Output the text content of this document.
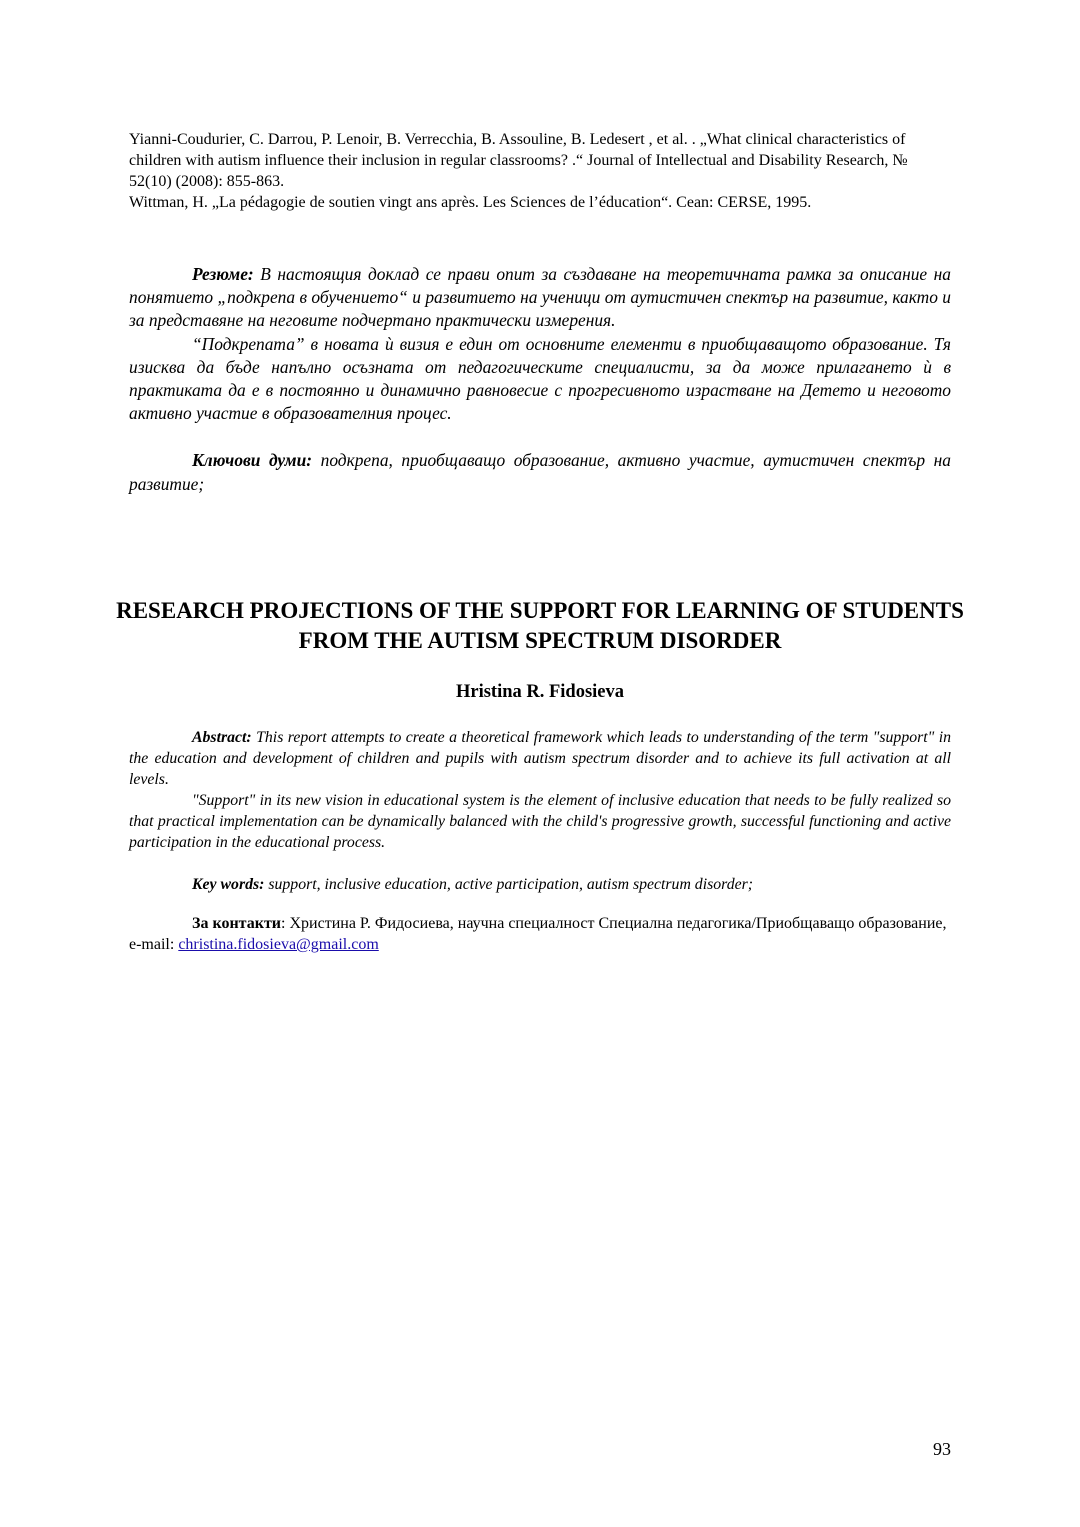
Yianni-Coudurier, C. Darrou, P. Lenoir, B. Verrecchia, B. Assouline, B. Ledesert , et al. . „What clinical characteristics of children with autism influence their inclusion in regular classrooms? .“ Journal of Intellectual and Disability Research, № 52(10) (2008): 855-863.

Wittman, H. „La pédagogie de soutien vingt ans après. Les Sciences de l’éducation“. Cean: CERSE, 1995.

Резюме: В настоящия доклад се прави опит за създаване на теоретичната рамка за описание на понятието „подкрепа в обучението“ и развитието на ученици от аутистичен спектър на развитие, както и за представяне на неговите подчертано практически измерения.

“Подкрепата” в новата ѝ визия е един от основните елементи в приобщаващото образование. Тя изисква да бъде напълно осъзната от педагогическите специалисти, за да може прилагането ѝ в практиката да е в постоянно и динамично равновесие с прогресивното израстване на Детето и неговото активно участие в образователния процес.

Ключови думи: подкрепа, приобщаващо образование, активно участие, аутистичен спектър на развитие;

RESEARCH PROJECTIONS OF THE SUPPORT FOR LEARNING OF STUDENTS FROM THE AUTISM SPECTRUM DISORDER
Hristina R. Fidosieva

Abstract: This report attempts to create a theoretical framework which leads to understanding of the term "support" in the education and development of children and pupils with autism spectrum disorder and to achieve its full activation at all levels.

"Support" in its new vision in educational system is the element of inclusive education that needs to be fully realized so that practical implementation can be dynamically balanced with the child's progressive growth, successful functioning and active participation in the educational process.

Key words: support, inclusive education, active participation, autism spectrum disorder;

За контакти: Христина Р. Фидосиева, научна специалност Специална педагогика/Приобщаващо образование, e-mail: christina.fidosieva@gmail.com

93
